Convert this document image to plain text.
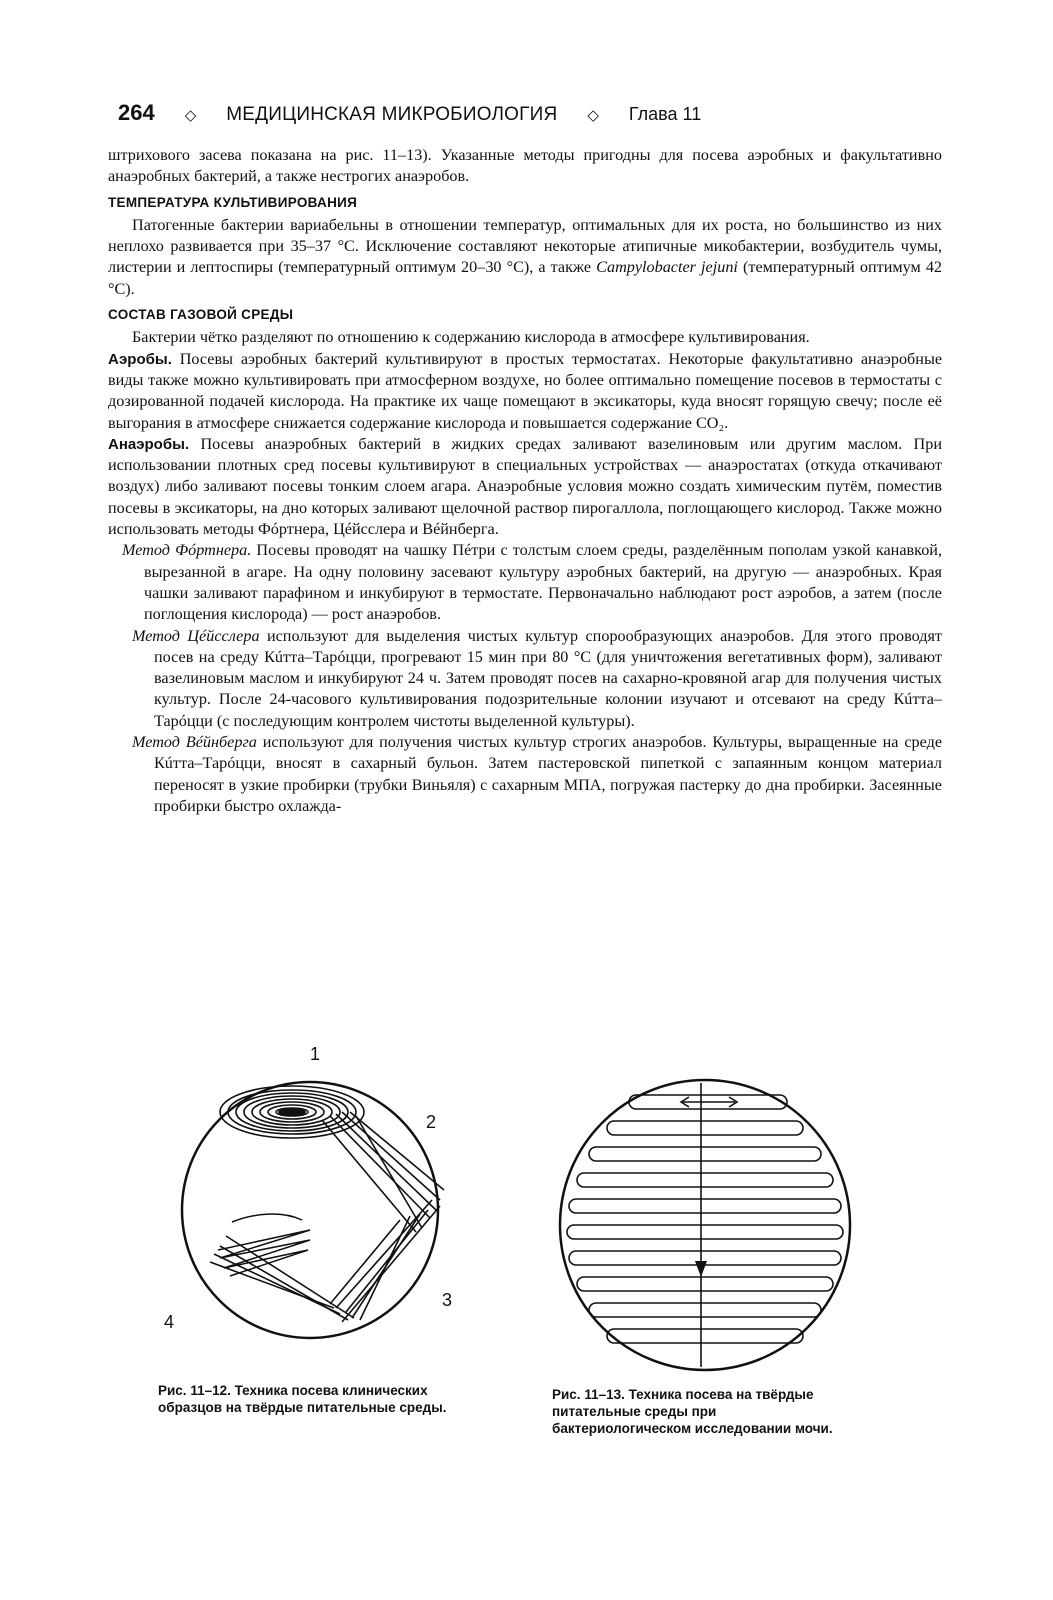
264 ◇ МЕДИЦИНСКАЯ МИКРОБИОЛОГИЯ ◇ Глава 11

штрихового засева показана на рис. 11–13). Указанные методы пригодны для посева аэробных и факультативно анаэробных бактерий, а также нестрогих анаэробов.

ТЕМПЕРАТУРА КУЛЬТИВИРОВАНИЯ

Патогенные бактерии вариабельны в отношении температур, оптимальных для их роста, но большинство из них неплохо развивается при 35–37 °С. Исключение составляют некоторые атипичные микобактерии, возбудитель чумы, листерии и лептоспиры (температурный оптимум 20–30 °С), а также Campylobacter jejuni (температурный оптимум 42 °С).

СОСТАВ ГАЗОВОЙ СРЕДЫ

Бактерии чётко разделяют по отношению к содержанию кислорода в атмосфере культивирования.

Аэробы. Посевы аэробных бактерий культивируют в простых термостатах. Некоторые факультативно анаэробные виды также можно культивировать при атмосферном воздухе, но более оптимально помещение посевов в термостаты с дозированной подачей кислорода. На практике их чаще помещают в эксикаторы, куда вносят горящую свечу; после её выгорания в атмосфере снижается содержание кислорода и повышается содержание СО₂.

Анаэробы. Посевы анаэробных бактерий в жидких средах заливают вазелиновым или другим маслом. При использовании плотных сред посевы культивируют в специальных устройствах — анаэростатах (откуда откачивают воздух) либо заливают посевы тонким слоем агара. Анаэробные условия можно создать химическим путём, поместив посевы в эксикаторы, на дно которых заливают щелочной раствор пирогаллола, поглощающего кислород. Также можно использовать методы Фóртнера, Цéйсслера и Вéйнберга.

Метод Фóртнера. Посевы проводят на чашку Пéтри с толстым слоем среды, разделённым пополам узкой канавкой, вырезанной в агаре. На одну половину засевают культуру аэробных бактерий, на другую — анаэробных. Края чашки заливают парафином и инкубируют в термостате. Первоначально наблюдают рост аэробов, а затем (после поглощения кислорода) — рост анаэробов.

Метод Цéйсслера используют для выделения чистых культур спорообразующих анаэробов. Для этого проводят посев на среду Кúтта–Тарóцци, прогревают 15 мин при 80 °С (для уничтожения вегетативных форм), заливают вазелиновым маслом и инкубируют 24 ч. Затем проводят посев на сахарно-кровяной агар для получения чистых культур. После 24-часового культивирования подозрительные колонии изучают и отсевают на среду Кúтта–Тарóцци (с последующим контролем чистоты выделенной культуры).

Метод Вéйнберга используют для получения чистых культур строгих анаэробов. Культуры, выращенные на среде Кúтта–Тарóцци, вносят в сахарный бульон. Затем пастеровской пипеткой с запаянным концом материал переносят в узкие пробирки (трубки Виньяля) с сахарным МПА, погружая пастерку до дна пробирки. Засеянные пробирки быстро охлажда-

1
2
3
4
Рис. 11–12. Техника посева клинических образцов на твёрдые питательные среды.
Рис. 11–13. Техника посева на твёрдые питательные среды при бактериологическом исследовании мочи.
